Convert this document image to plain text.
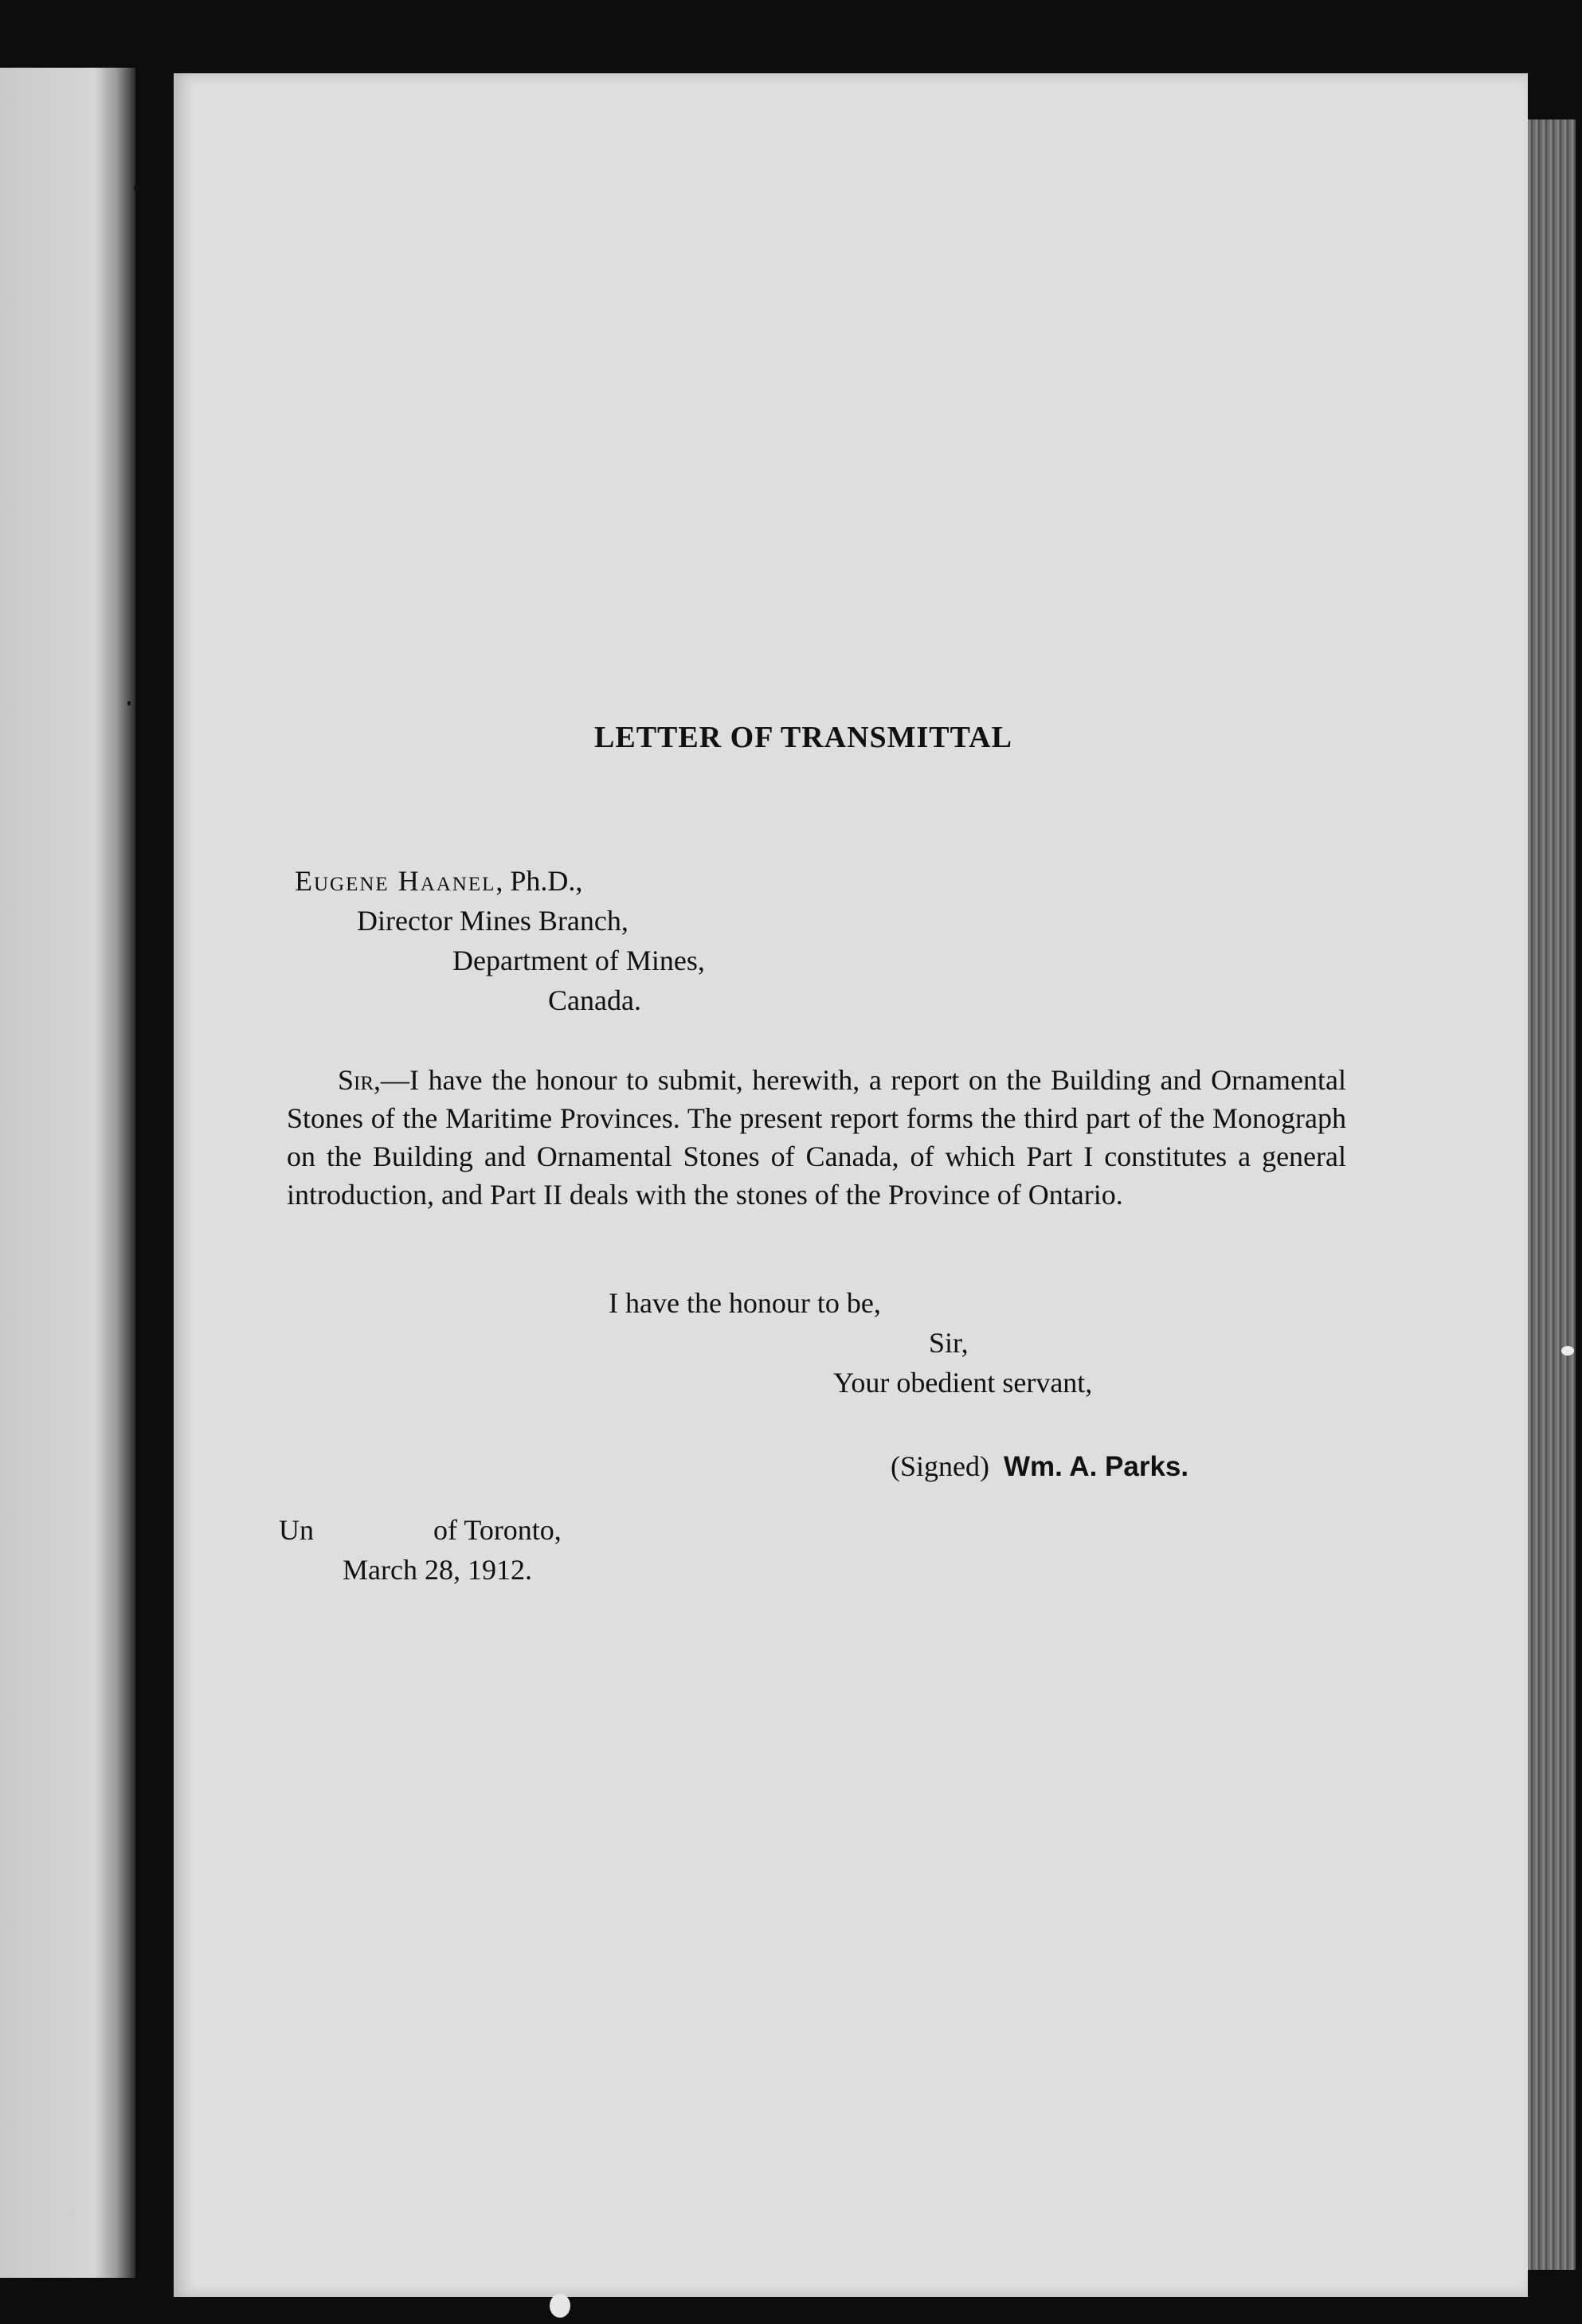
LETTER OF TRANSMITTAL
Eugene Haanel, Ph.D.,
Director Mines Branch,
Department of Mines,
Canada.
Sir,—I have the honour to submit, herewith, a report on the Building and Ornamental Stones of the Maritime Provinces. The present report forms the third part of the Monograph on the Building and Ornamental Stones of Canada, of which Part I constitutes a general introduction, and Part II deals with the stones of the Province of Ontario.
I have the honour to be,
Sir,
Your obedient servant,
(Signed) Wm. A. Parks.
Un	of Toronto,
March 28, 1912.
